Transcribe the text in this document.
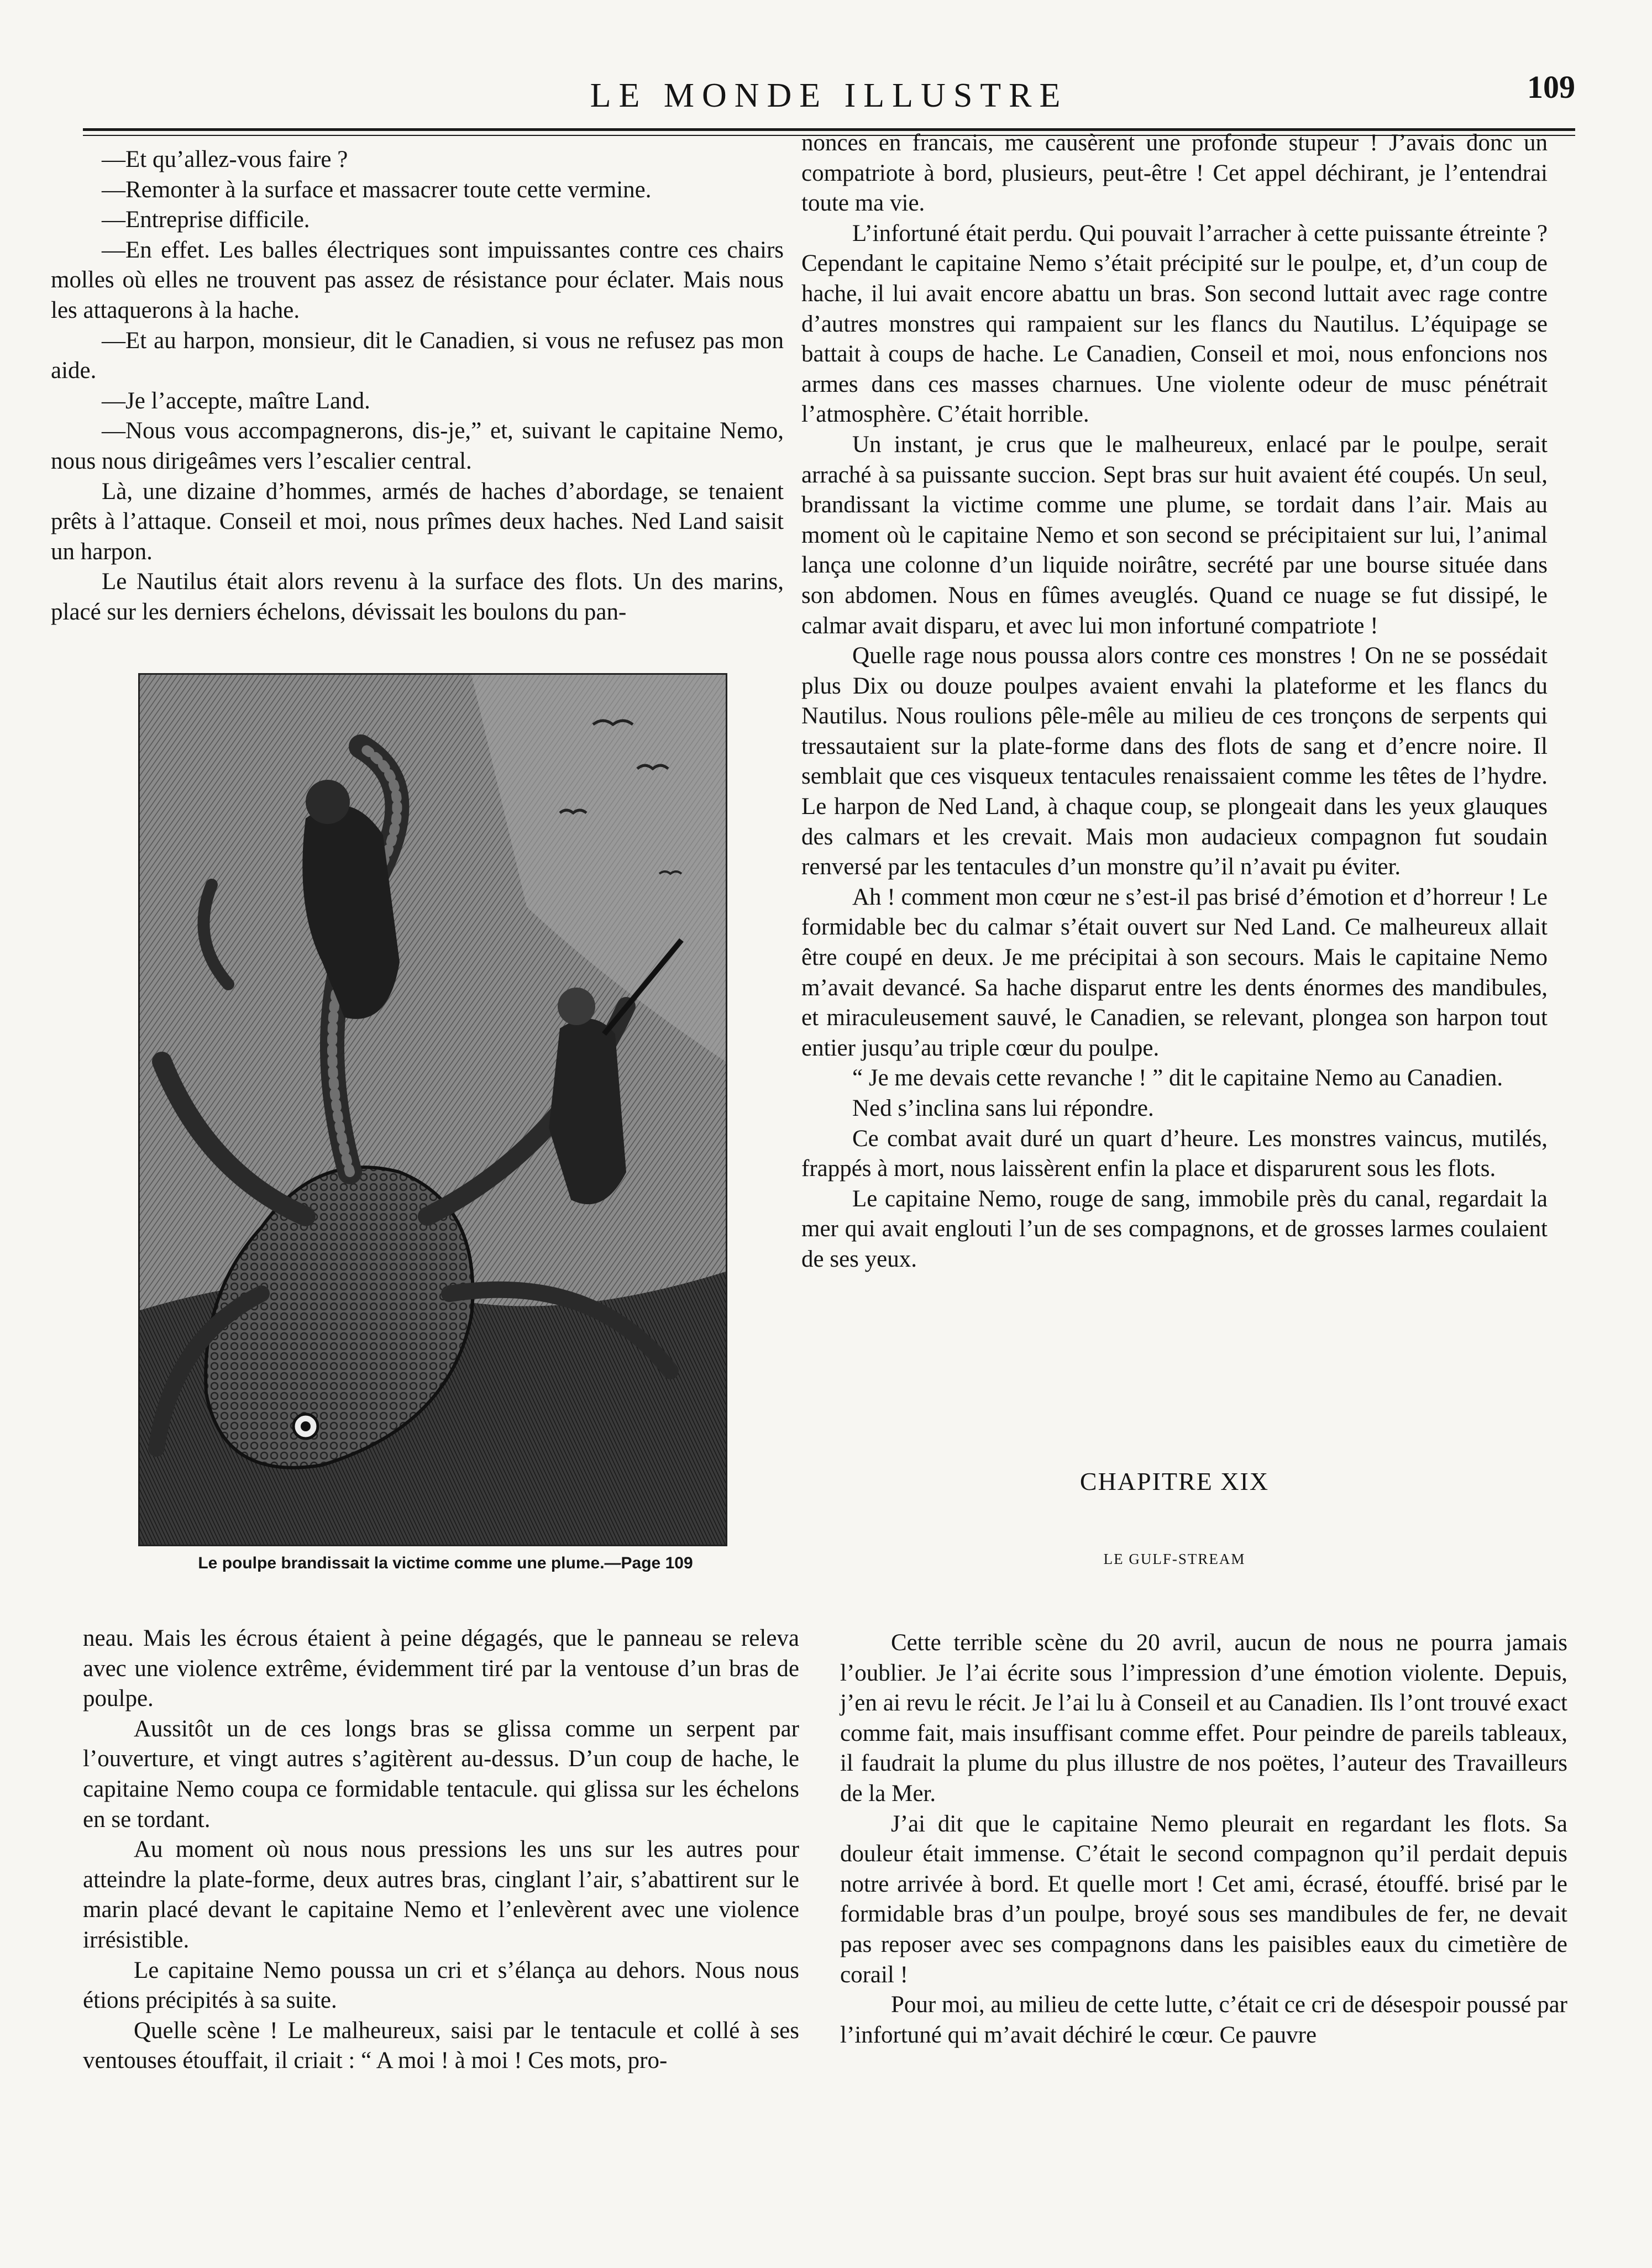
LE MONDE ILLUSTRE	109

—Et qu’allez-vous faire ?

—Remonter à la surface et massacrer toute cette vermine.

—Entreprise difficile.

—En effet. Les balles électriques sont impuissantes contre ces chairs molles où elles ne trouvent pas assez de résistance pour éclater. Mais nous les attaquerons à la hache.

—Et au harpon, monsieur, dit le Canadien, si vous ne refusez pas mon aide.

—Je l’accepte, maître Land.

—Nous vous accompagnerons, dis-je,” et, suivant le capitaine Nemo, nous nous dirigeâmes vers l’escalier central.

Là, une dizaine d’hommes, armés de haches d’abordage, se tenaient prêts à l’attaque. Conseil et moi, nous prîmes deux haches. Ned Land saisit un harpon.

Le Nautilus était alors revenu à la surface des flots. Un des marins, placé sur les derniers échelons, dévissait les boulons du pan-

Le poulpe brandissait la victime comme une plume.—Page 109

neau. Mais les écrous étaient à peine dégagés, que le panneau se releva avec une violence extrême, évidemment tiré par la ventouse d’un bras de poulpe.

Aussitôt un de ces longs bras se glissa comme un serpent par l’ouverture, et vingt autres s’agitèrent au-dessus. D’un coup de hache, le capitaine Nemo coupa ce formidable tentacule. qui glissa sur les échelons en se tordant.

Au moment où nous nous pressions les uns sur les autres pour atteindre la plate-forme, deux autres bras, cinglant l’air, s’abattirent sur le marin placé devant le capitaine Nemo et l’enlevèrent avec une violence irrésistible.

Le capitaine Nemo poussa un cri et s’élança au dehors. Nous nous étions précipités à sa suite.

Quelle scène ! Le malheureux, saisi par le tentacule et collé à ses ventouses étouffait, il criait : “ A moi ! à moi ! Ces mots, pro-

nonces en francais, me causèrent une profonde stupeur ! J’avais donc un compatriote à bord, plusieurs, peut-être ! Cet appel déchirant, je l’entendrai toute ma vie.

L’infortuné était perdu. Qui pouvait l’arracher à cette puissante étreinte ? Cependant le capitaine Nemo s’était précipité sur le poulpe, et, d’un coup de hache, il lui avait encore abattu un bras. Son second luttait avec rage contre d’autres monstres qui rampaient sur les flancs du Nautilus. L’équipage se battait à coups de hache. Le Canadien, Conseil et moi, nous enfoncions nos armes dans ces masses charnues. Une violente odeur de musc pénétrait l’atmosphère. C’était horrible.

Un instant, je crus que le malheureux, enlacé par le poulpe, serait arraché à sa puissante succion. Sept bras sur huit avaient été coupés. Un seul, brandissant la victime comme une plume, se tordait dans l’air. Mais au moment où le capitaine Nemo et son second se précipitaient sur lui, l’animal lança une colonne d’un liquide noirâtre, secrété par une bourse située dans son abdomen. Nous en fûmes aveuglés. Quand ce nuage se fut dissipé, le calmar avait disparu, et avec lui mon infortuné compatriote !

Quelle rage nous poussa alors contre ces monstres ! On ne se possédait plus Dix ou douze poulpes avaient envahi la plateforme et les flancs du Nautilus. Nous roulions pêle-mêle au milieu de ces tronçons de serpents qui tressautaient sur la plate-forme dans des flots de sang et d’encre noire. Il semblait que ces visqueux tentacules renaissaient comme les têtes de l’hydre. Le harpon de Ned Land, à chaque coup, se plongeait dans les yeux glauques des calmars et les crevait. Mais mon audacieux compagnon fut soudain renversé par les tentacules d’un monstre qu’il n’avait pu éviter.

Ah ! comment mon cœur ne s’est-il pas brisé d’émotion et d’horreur ! Le formidable bec du calmar s’était ouvert sur Ned Land. Ce malheureux allait être coupé en deux. Je me précipitai à son secours. Mais le capitaine Nemo m’avait devancé. Sa hache disparut entre les dents énormes des mandibules, et miraculeusement sauvé, le Canadien, se relevant, plongea son harpon tout entier jusqu’au triple cœur du poulpe.

“ Je me devais cette revanche ! ” dit le capitaine Nemo au Canadien.

Ned s’inclina sans lui répondre.

Ce combat avait duré un quart d’heure. Les monstres vaincus, mutilés, frappés à mort, nous laissèrent enfin la place et disparurent sous les flots.

Le capitaine Nemo, rouge de sang, immobile près du canal, regardait la mer qui avait englouti l’un de ses compagnons, et de grosses larmes coulaient de ses yeux.

CHAPITRE XIX
LE GULF-STREAM

Cette terrible scène du 20 avril, aucun de nous ne pourra jamais l’oublier. Je l’ai écrite sous l’impression d’une émotion violente. Depuis, j’en ai revu le récit. Je l’ai lu à Conseil et au Canadien. Ils l’ont trouvé exact comme fait, mais insuffisant comme effet. Pour peindre de pareils tableaux, il faudrait la plume du plus illustre de nos poëtes, l’auteur des Travailleurs de la Mer.

J’ai dit que le capitaine Nemo pleurait en regardant les flots. Sa douleur était immense. C’était le second compagnon qu’il perdait depuis notre arrivée à bord. Et quelle mort ! Cet ami, écrasé, étouffé. brisé par le formidable bras d’un poulpe, broyé sous ses mandibules de fer, ne devait pas reposer avec ses compagnons dans les paisibles eaux du cimetière de corail !

Pour moi, au milieu de cette lutte, c’était ce cri de désespoir poussé par l’infortuné qui m’avait déchiré le cœur. Ce pauvre
